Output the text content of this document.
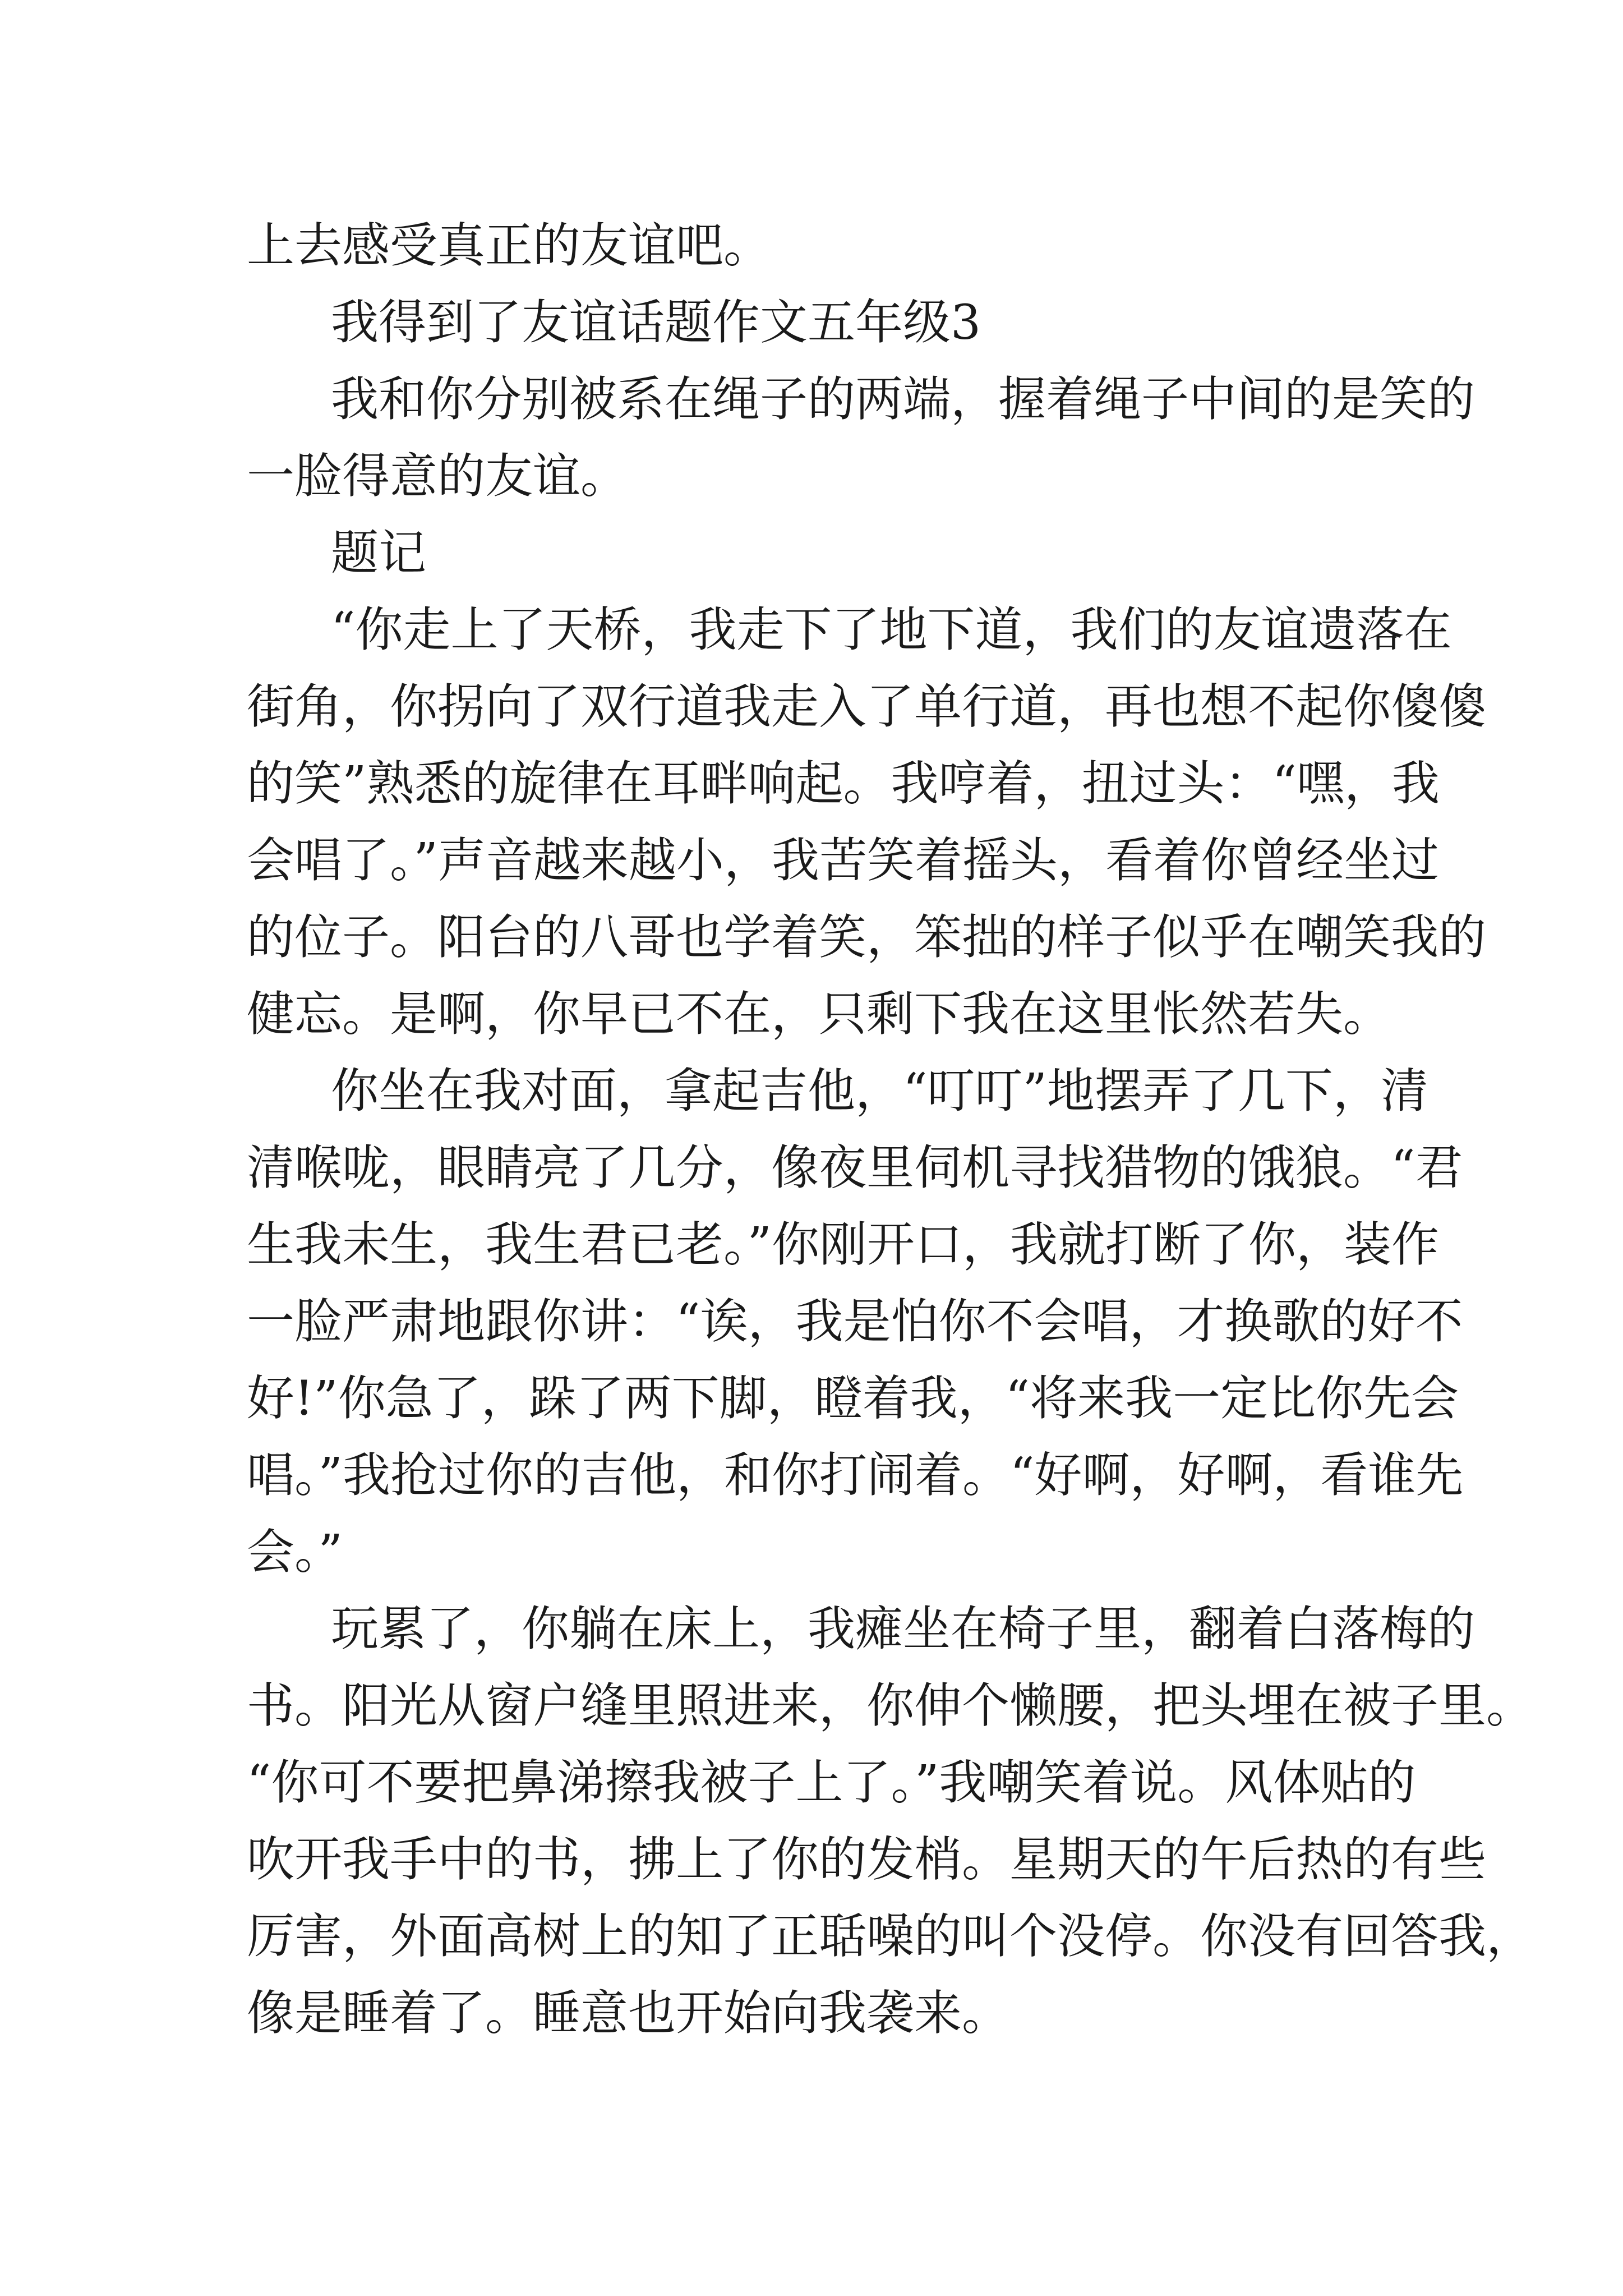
上去感受真正的友谊吧。
我得到了友谊话题作文五年级3
我和你分别被系在绳子的两端，握着绳子中间的是笑的
一脸得意的友谊。
题记
“你走上了天桥，我走下了地下道，我们的友谊遗落在
街角，你拐向了双行道我走入了单行道，再也想不起你傻傻
的笑”熟悉的旋律在耳畔响起。我哼着，扭过头：“嘿，我
会唱了。”声音越来越小，我苦笑着摇头，看着你曾经坐过
的位子。阳台的八哥也学着笑，笨拙的样子似乎在嘲笑我的
健忘。是啊，你早已不在，只剩下我在这里怅然若失。
你坐在我对面，拿起吉他，“叮叮”地摆弄了几下，清
清喉咙，眼睛亮了几分，像夜里伺机寻找猎物的饿狼。“君
生我未生，我生君已老。”你刚开口，我就打断了你，装作
一脸严肃地跟你讲：“诶，我是怕你不会唱，才换歌的好不
好!”你急了，跺了两下脚，瞪着我，“将来我一定比你先会
唱。”我抢过你的吉他，和你打闹着。“好啊，好啊，看谁先
会。”
玩累了，你躺在床上，我瘫坐在椅子里，翻着白落梅的
书。阳光从窗户缝里照进来，你伸个懒腰，把头埋在被子里。
“你可不要把鼻涕擦我被子上了。”我嘲笑着说。风体贴的
吹开我手中的书，拂上了你的发梢。星期天的午后热的有些
厉害，外面高树上的知了正聒噪的叫个没停。你没有回答我，
像是睡着了。睡意也开始向我袭来。
